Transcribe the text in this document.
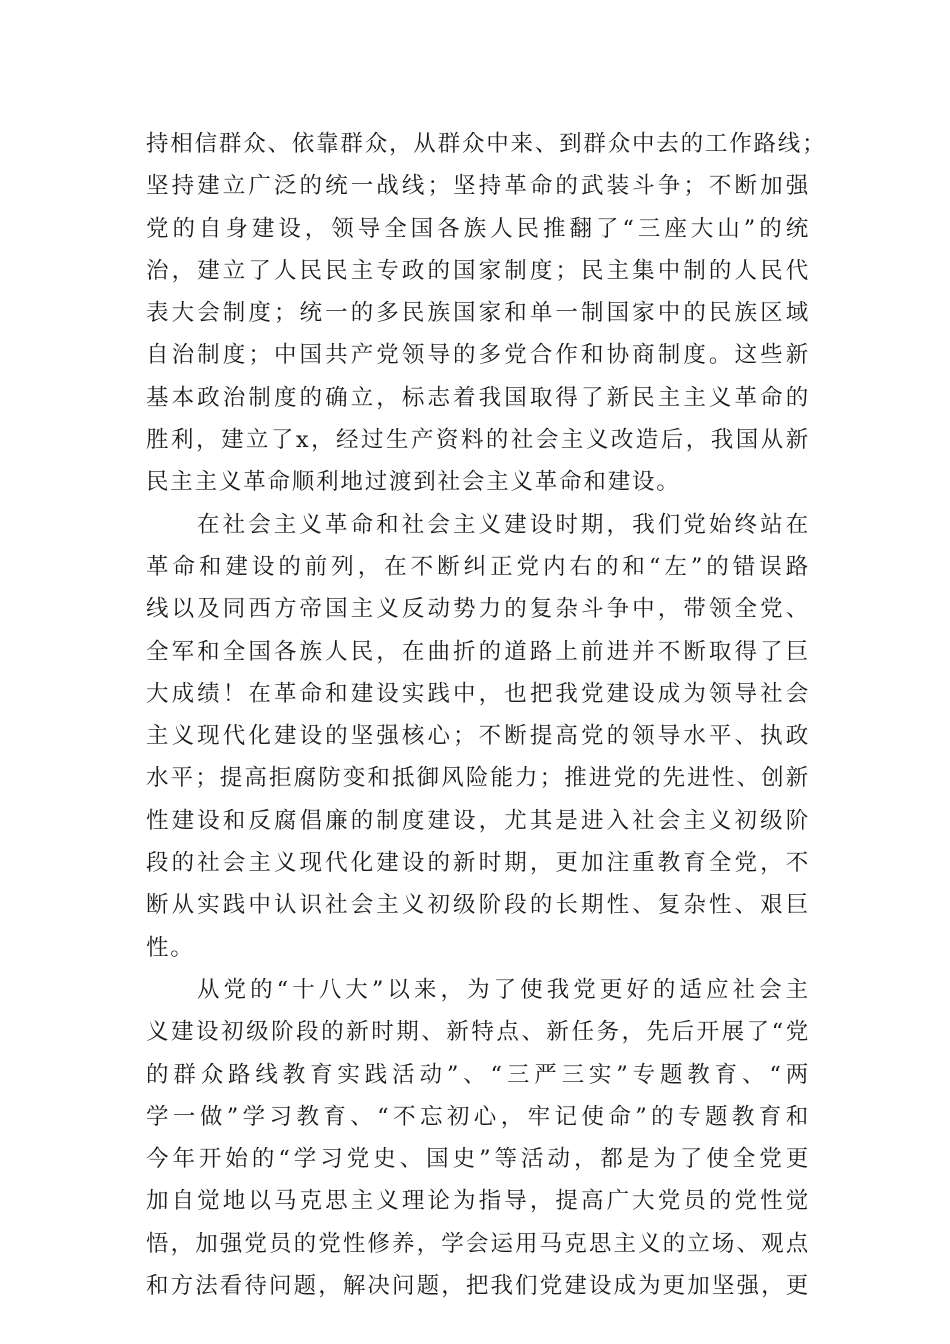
持相信群众、依靠群众，从群众中来、到群众中去的工作路线；
坚持建立广泛的统一战线；坚持革命的武装斗争；不断加强
党的自身建设，领导全国各族人民推翻了“三座大山”的统
治，建立了人民民主专政的国家制度；民主集中制的人民代
表大会制度；统一的多民族国家和单一制国家中的民族区域
自治制度；中国共产党领导的多党合作和协商制度。这些新
基本政治制度的确立，标志着我国取得了新民主主义革命的
胜利，建立了x，经过生产资料的社会主义改造后，我国从新
民主主义革命顺利地过渡到社会主义革命和建设。
在社会主义革命和社会主义建设时期，我们党始终站在
革命和建设的前列，在不断纠正党内右的和“左”的错误路
线以及同西方帝国主义反动势力的复杂斗争中，带领全党、
全军和全国各族人民，在曲折的道路上前进并不断取得了巨
大成绩！在革命和建设实践中，也把我党建设成为领导社会
主义现代化建设的坚强核心；不断提高党的领导水平、执政
水平；提高拒腐防变和抵御风险能力；推进党的先进性、创新
性建设和反腐倡廉的制度建设，尤其是进入社会主义初级阶
段的社会主义现代化建设的新时期，更加注重教育全党，不
断从实践中认识社会主义初级阶段的长期性、复杂性、艰巨
性。
从党的“十八大”以来，为了使我党更好的适应社会主
义建设初级阶段的新时期、新特点、新任务，先后开展了“党
的群众路线教育实践活动”、“三严三实”专题教育、“两
学一做”学习教育、“不忘初心，牢记使命”的专题教育和
今年开始的“学习党史、国史”等活动，都是为了使全党更
加自觉地以马克思主义理论为指导，提高广大党员的党性觉
悟，加强党员的党性修养，学会运用马克思主义的立场、观点
和方法看待问题，解决问题，把我们党建设成为更加坚强，更
